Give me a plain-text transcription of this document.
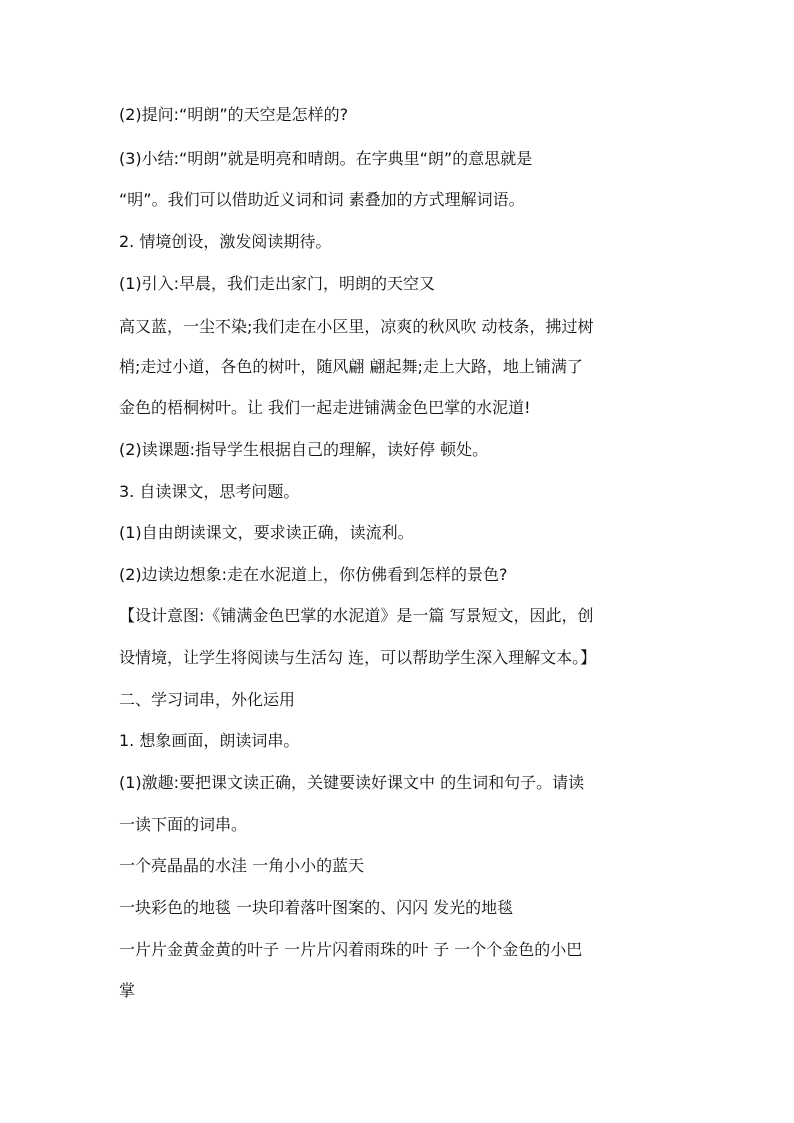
(2)提问:“明朗”的天空是怎样的?
(3)小结:“明朗”就是明亮和晴朗。在字典里“朗”的意思就是
“明”。我们可以借助近义词和词 素叠加的方式理解词语。
2. 情境创设，激发阅读期待。
(1)引入:早晨，我们走出家门，明朗的天空又
高又蓝，一尘不染;我们走在小区里，凉爽的秋风吹 动枝条，拂过树
梢;走过小道，各色的树叶，随风翩 翩起舞;走上大路，地上铺满了
金色的梧桐树叶。让 我们一起走进铺满金色巴掌的水泥道!
(2)读课题:指导学生根据自己的理解，读好停 顿处。
3. 自读课文，思考问题。
(1)自由朗读课文，要求读正确，读流利。
(2)边读边想象:走在水泥道上，你仿佛看到怎样的景色?
【设计意图:《铺满金色巴掌的水泥道》是一篇 写景短文，因此，创
设情境，让学生将阅读与生活勾 连，可以帮助学生深入理解文本。】
二、学习词串，外化运用
1. 想象画面，朗读词串。
(1)激趣:要把课文读正确，关键要读好课文中 的生词和句子。请读
一读下面的词串。
一个亮晶晶的水洼 一角小小的蓝天
一块彩色的地毯 一块印着落叶图案的、闪闪 发光的地毯
一片片金黄金黄的叶子 一片片闪着雨珠的叶 子 一个个金色的小巴
掌
